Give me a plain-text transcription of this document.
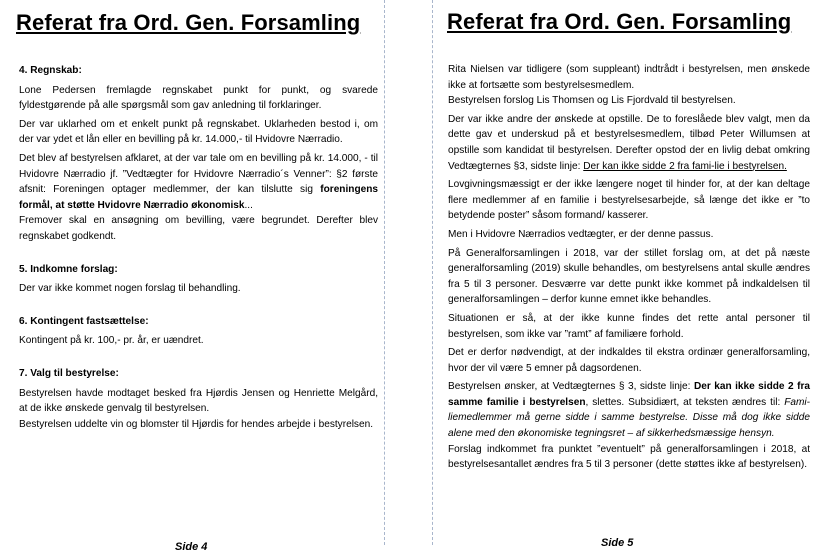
Referat fra Ord. Gen. Forsamling
4. Regnskab:

Lone Pedersen fremlagde regnskabet punkt for punkt, og svarede fyldestgørende på alle spørgsmål som gav anledning til forklaringer.

Der var uklarhed om et enkelt punkt på regnskabet. Uklarheden bestod i, om der var ydet et lån eller en bevilling på kr. 14.000,- til Hvidovre Nærradio.

Det blev af bestyrelsen afklaret, at der var tale om en bevilling på kr. 14.000, - til Hvidovre Nærradio jf. ”Vedtægter for Hvidovre Nærradio´s Venner”: §2 første afsnit: Foreningen optager medlemmer, der kan tilslutte sig foreningens formål, at støtte Hvidovre Nærradio økonomisk...

Fremover skal en ansøgning om bevilling, være begrundet. Derefter blev regnskabet godkendt.

5. Indkomne forslag:

Der var ikke kommet nogen forslag til behandling.

6. Kontingent fastsættelse:

Kontingent på kr. 100,- pr. år, er uændret.

7. Valg til bestyrelse:

Bestyrelsen havde modtaget besked fra Hjørdis Jensen og Henriette Melgård, at de ikke ønskede genvalg til bestyrelsen.

Bestyrelsen uddelte vin og blomster til Hjørdis for hendes arbejde i bestyrelsen.

Side 4
Referat fra Ord. Gen. Forsamling

Rita Nielsen var tidligere (som suppleant) indtrådt i bestyrelsen, men ønskede ikke at fortsætte som bestyrelsesmedlem.

Bestyrelsen forslog Lis Thomsen og Lis Fjordvald til bestyrelsen.

Der var ikke andre der ønskede at opstille. De to foreslåede blev valgt, men da dette gav et underskud på et bestyrelsesmedlem, tilbød Peter Willumsen at opstille som kandidat til bestyrelsen. Derefter opstod der en livlig debat omkring Vedtægternes §3, sidste linje: Der kan ikke sidde 2 fra fami-lie i bestyrelsen.

Lovgivningsmæssigt er der ikke længere noget til hinder for, at der kan deltage flere medlemmer af en familie i bestyrelsesarbejde, så længe det ikke er ”to betydende poster” såsom formand/ kasserer.

Men i Hvidovre Nærradios vedtægter, er der denne passus.

På Generalforsamlingen i 2018, var der stillet forslag om, at det på næste generalforsamling (2019) skulle behandles, om bestyrelsens antal skulle ændres fra 5 til 3 personer. Desværre var dette punkt ikke kommet på indkaldelsen til generalforsamlingen – derfor kunne emnet ikke behandles.

Situationen er så, at der ikke kunne findes det rette antal personer til bestyrelsen, som ikke var ”ramt” af familiære forhold.

Det er derfor nødvendigt, at der indkaldes til ekstra ordinær generalforsamling, hvor der vil være 5 emner på dagsordenen.

Bestyrelsen ønsker, at Vedtægternes § 3, sidste linje: Der kan ikke sidde 2 fra samme familie i bestyrelsen, slettes. Subsidiært, at teksten ændres til: Fami-liemedlemmer må gerne sidde i samme bestyrelse. Disse må dog ikke sidde alene med den økonomiske tegningsret – af sikkerhedsmæssige hensyn.

Forslag indkommet fra punktet ”eventuelt” på generalforsamlingen i 2018, at bestyrelsesantallet ændres fra 5 til 3 personer (dette støttes ikke af bestyrelsen).

Side 5
